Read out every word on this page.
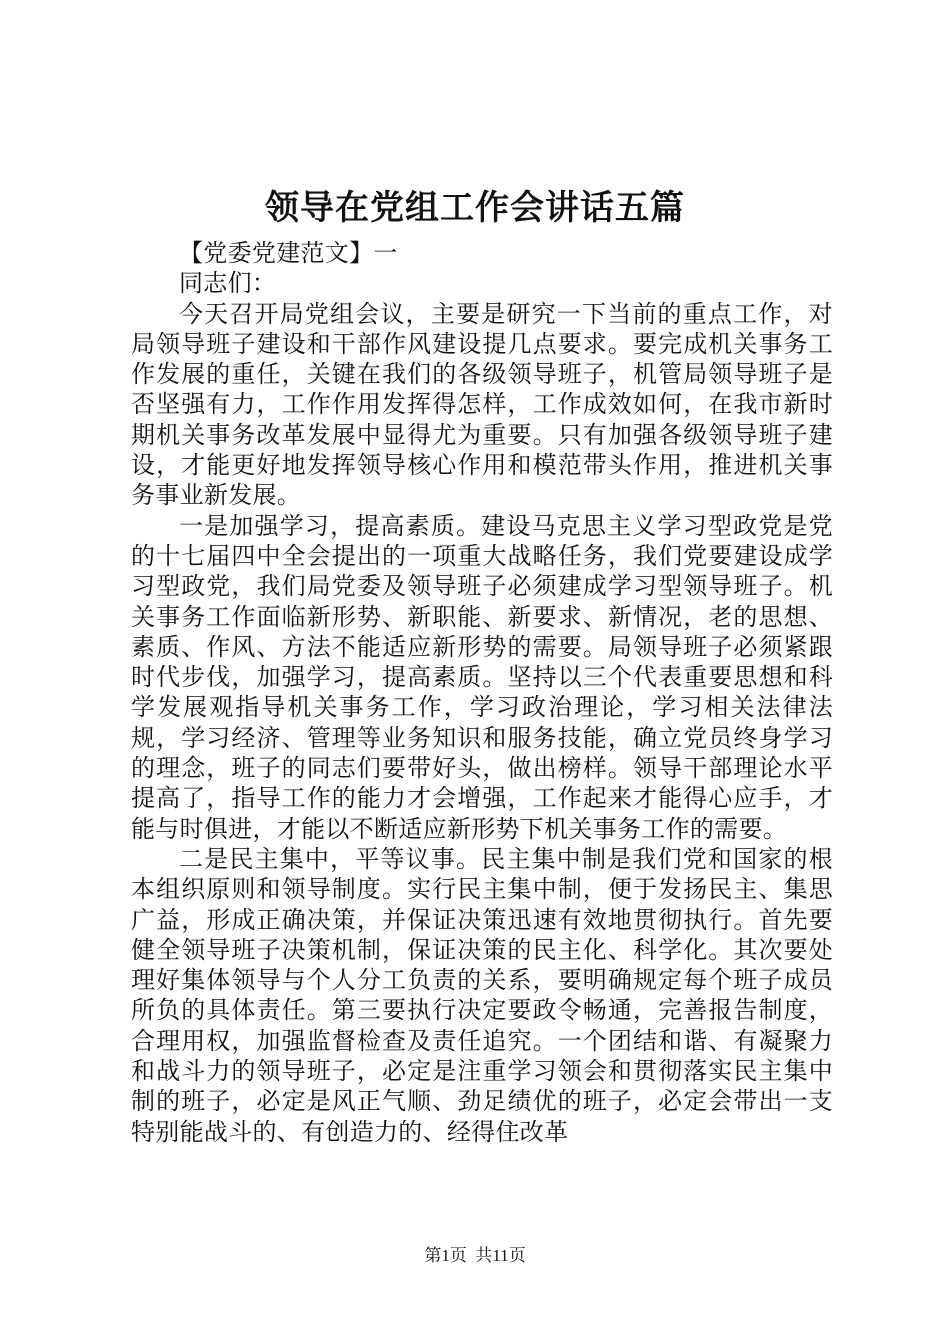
领导在党组工作会讲话五篇

【党委党建范文】一

同志们：

今天召开局党组会议，主要是研究一下当前的重点工作，对局领导班子建设和干部作风建设提几点要求。要完成机关事务工作发展的重任，关键在我们的各级领导班子，机管局领导班子是否坚强有力，工作作用发挥得怎样，工作成效如何，在我市新时期机关事务改革发展中显得尤为重要。只有加强各级领导班子建设，才能更好地发挥领导核心作用和模范带头作用，推进机关事务事业新发展。

一是加强学习，提高素质。建设马克思主义学习型政党是党的十七届四中全会提出的一项重大战略任务，我们党要建设成学习型政党，我们局党委及领导班子必须建成学习型领导班子。机关事务工作面临新形势、新职能、新要求、新情况，老的思想、素质、作风、方法不能适应新形势的需要。局领导班子必须紧跟时代步伐，加强学习，提高素质。坚持以三个代表重要思想和科学发展观指导机关事务工作，学习政治理论，学习相关法律法规，学习经济、管理等业务知识和服务技能，确立党员终身学习的理念，班子的同志们要带好头，做出榜样。领导干部理论水平提高了，指导工作的能力才会增强，工作起来才能得心应手，才能与时俱进，才能以不断适应新形势下机关事务工作的需要。

二是民主集中，平等议事。民主集中制是我们党和国家的根本组织原则和领导制度。实行民主集中制，便于发扬民主、集思广益，形成正确决策，并保证决策迅速有效地贯彻执行。首先要健全领导班子决策机制，保证决策的民主化、科学化。其次要处理好集体领导与个人分工负责的关系，要明确规定每个班子成员所负的具体责任。第三要执行决定要政令畅通，完善报告制度，合理用权，加强监督检查及责任追究。一个团结和谐、有凝聚力和战斗力的领导班子，必定是注重学习领会和贯彻落实民主集中制的班子，必定是风正气顺、劲足绩优的班子，必定会带出一支特别能战斗的、有创造力的、经得住改革

第1页  共11页
